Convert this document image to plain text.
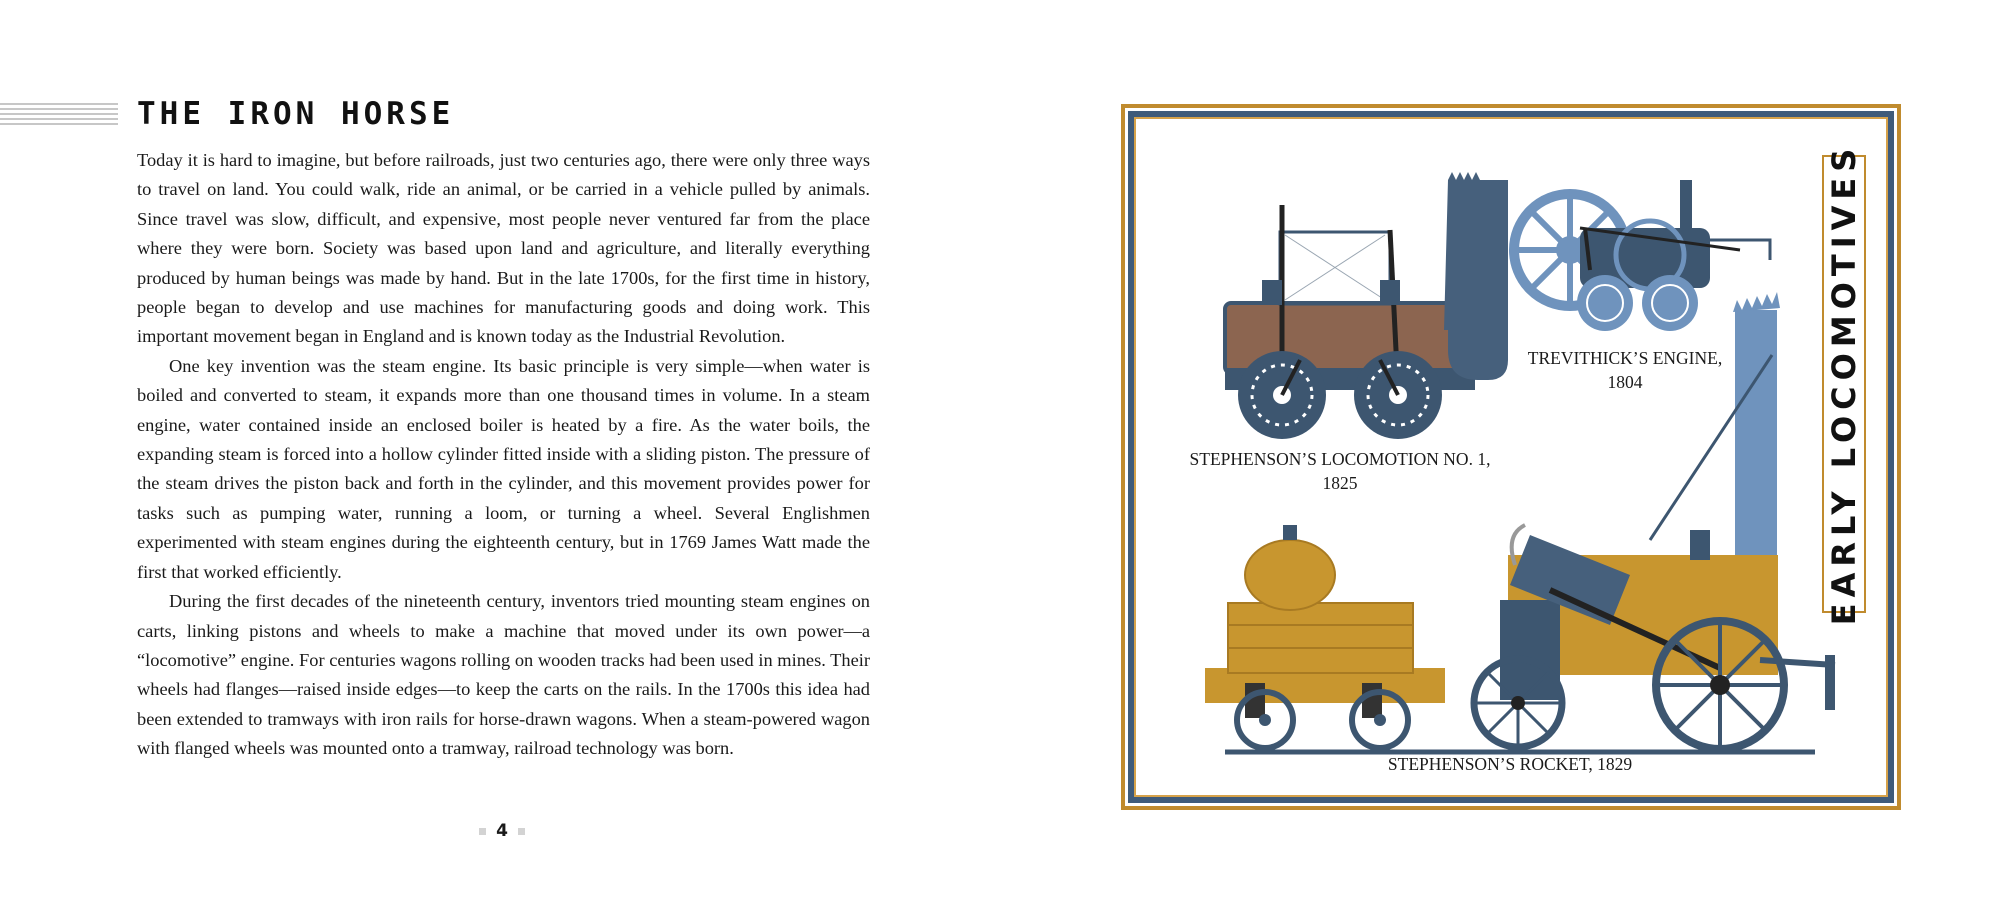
THE IRON HORSE

Today it is hard to imagine, but before railroads, just two centuries ago, there were only three ways to travel on land. You could walk, ride an animal, or be carried in a vehicle pulled by animals. Since travel was slow, difficult, and expensive, most people never ventured far from the place where they were born. Society was based upon land and agriculture, and literally everything produced by human beings was made by hand. But in the late 1700s, for the first time in history, people began to develop and use machines for manufacturing goods and doing work. This important movement began in England and is known today as the Industrial Revolution.

One key invention was the steam engine. Its basic principle is very simple—when water is boiled and converted to steam, it expands more than one thousand times in volume. In a steam engine, water contained inside an enclosed boiler is heated by a fire. As the water boils, the expanding steam is forced into a hollow cylinder fitted inside with a sliding piston. The pressure of the steam drives the piston back and forth in the cylinder, and this movement provides power for tasks such as pumping water, running a loom, or turning a wheel. Several Englishmen experimented with steam engines during the eighteenth century, but in 1769 James Watt made the first that worked efficiently.

During the first decades of the nineteenth century, inventors tried mounting steam engines on carts, linking pistons and wheels to make a machine that moved under its own power—a “locomotive” engine. For centuries wagons rolling on wooden tracks had been used in mines. Their wheels had flanges—raised inside edges—to keep the carts on the rails. In the 1700s this idea had been extended to tramways with iron rails for horse-drawn wagons. When a steam-powered wagon with flanged wheels was mounted onto a tramway, railroad technology was born.

4
STEPHENSON’S LOCOMOTION NO. 1, 1825
TREVITHICK’S ENGINE, 1804
STEPHENSON’S ROCKET, 1829
EARLY LOCOMOTIVES
